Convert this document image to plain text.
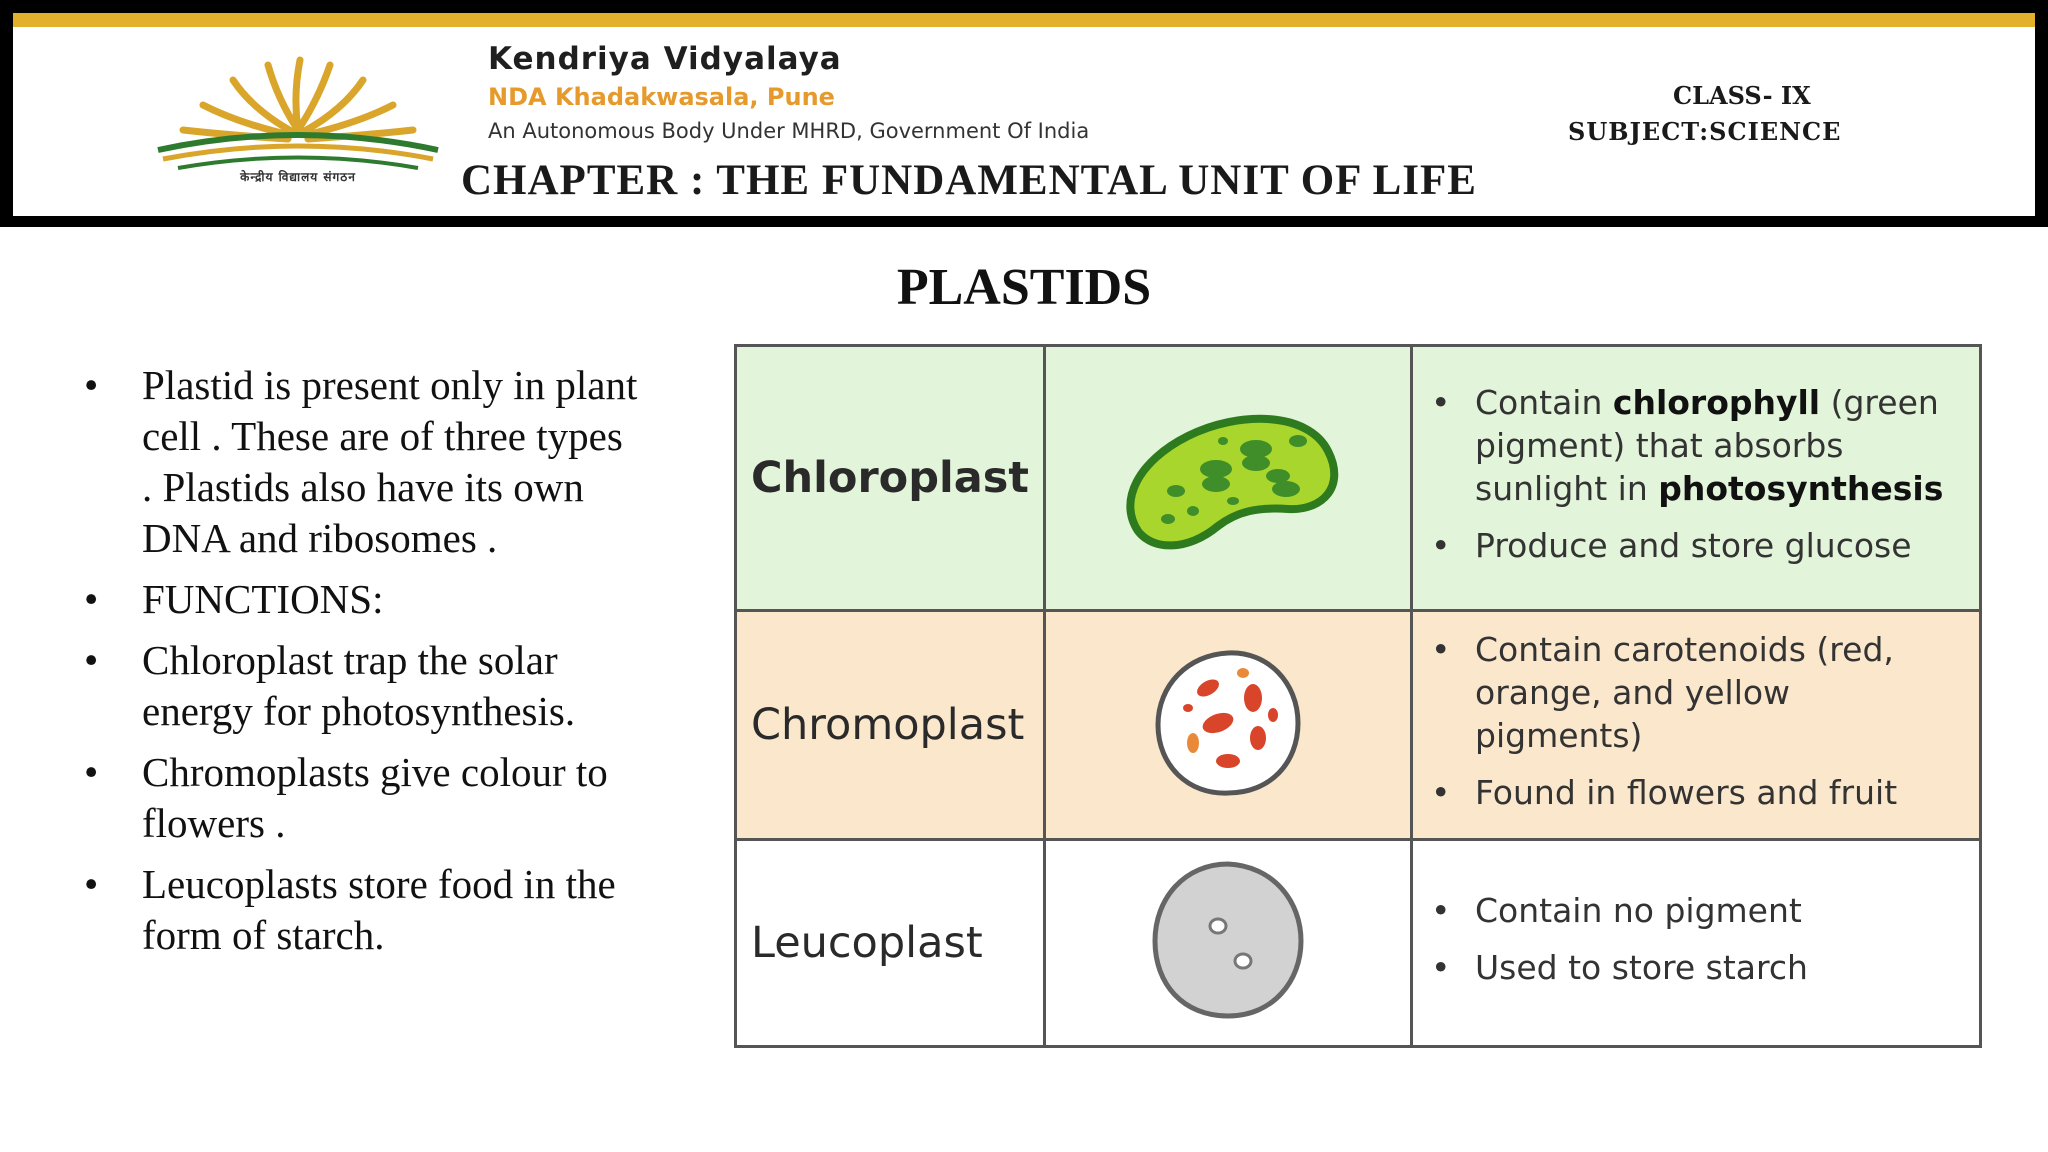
केन्द्रीय विद्यालय संगठन
Kendriya Vidyalaya
NDA Khadakwasala, Pune
An Autonomous Body Under MHRD, Government Of India
CHAPTER : THE FUNDAMENTAL UNIT OF LIFE
CLASS- IX
SUBJECT:SCIENCE
PLASTIDS
• Plastid is present only in plant cell . These are of three types . Plastids also have its own DNA and ribosomes .
• FUNCTIONS:
• Chloroplast trap the solar energy for photosynthesis.
• Chromoplasts give colour to flowers .
• Leucoplasts store food in the form of starch.
Chloroplast		• Contain chlorophyll (green pigment) that absorbs sunlight in photosynthesis
• Produce and store glucose

Chromoplast		• Contain carotenoids (red, orange, and yellow pigments)
• Found in flowers and fruit

Leucoplast		• Contain no pigment
• Used to store starch
